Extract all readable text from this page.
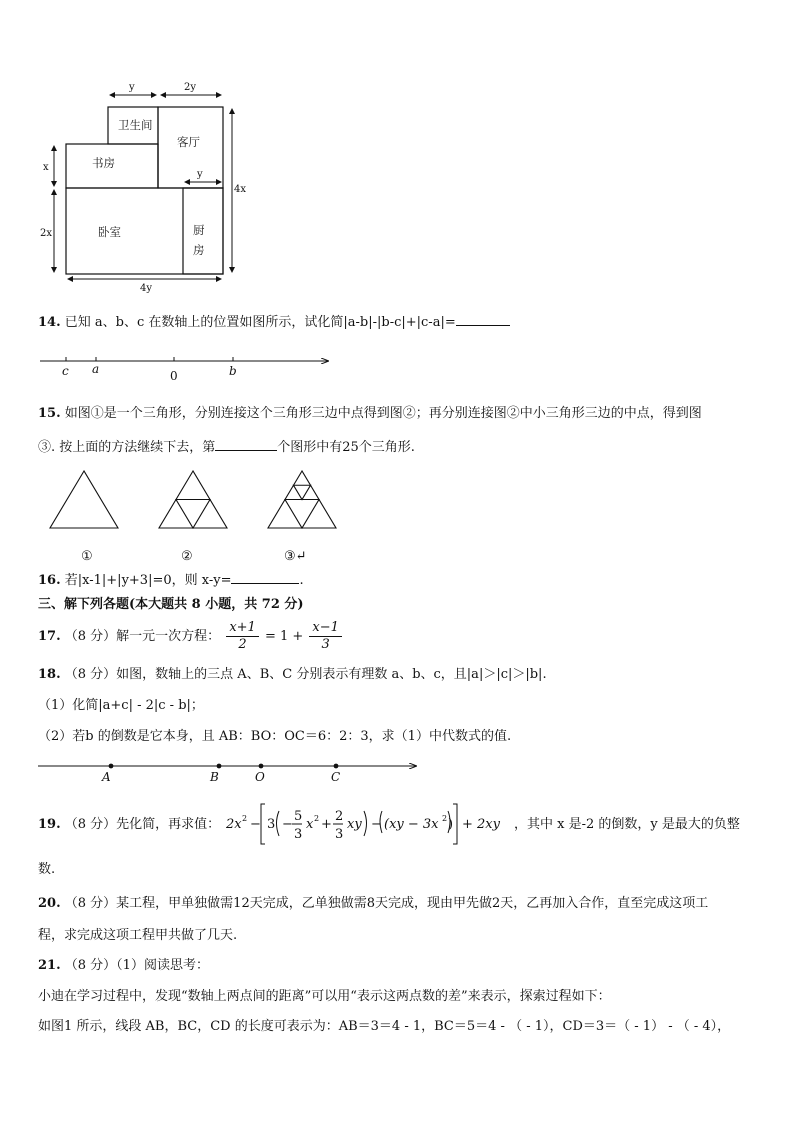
y	2y
x
2x
4x
4y
y
卫生间
客厅
书房
卧室	厨
房
14. 已知 a、b、c 在数轴上的位置如图所示，试化简|a-b|-|b-c|+|c-a|=
c a	b
0
15. 如图①是一个三角形，分别连接这个三角形三边中点得到图②；再分别连接图②中小三角形三边的中点，得到图
③. 按上面的方法继续下去，第	个图形中有25个三角形.
①	②	③↵
16. 若|x-1|+|y+3|=0，则 x-y=	.
三、解下列各题(本大题共 8 小题，共 72 分)
17. （8 分）解一元一次方程： $\frac{x+1}{2} = 1 + \frac{x-1}{3}$
18. （8 分）如图，数轴上的三点 A、B、C 分别表示有理数 a、b、c，且|a|＞|c|＞|b|.
（1）化简|a+c| - 2|c - b|；
（2）若b 的倒数是它本身，且 AB：BO：OC＝6：2：3，求（1）中代数式的值.
A	B	O	C
19. （8 分）先化简，再求值： 2x 2 − 3 −
5
3
x 2 +
2
3
xy − (xy − 3x 2 ) + 2xy ，其中 x 是-2 的倒数，y 是最大的负整
数.
20. （8 分）某工程，甲单独做需12天完成，乙单独做需8天完成，现由甲先做2天，乙再加入合作，直至完成这项工
程，求完成这项工程甲共做了几天.
21. （8 分）（1）阅读思考：
小迪在学习过程中，发现“数轴上两点间的距离”可以用“表示这两点数的差”来表示，探索过程如下：
如图1 所示，线段 AB，BC，CD 的长度可表示为：AB＝3＝4 - 1，BC＝5＝4 - （ - 1），CD＝3＝（ - 1） - （ - 4），
